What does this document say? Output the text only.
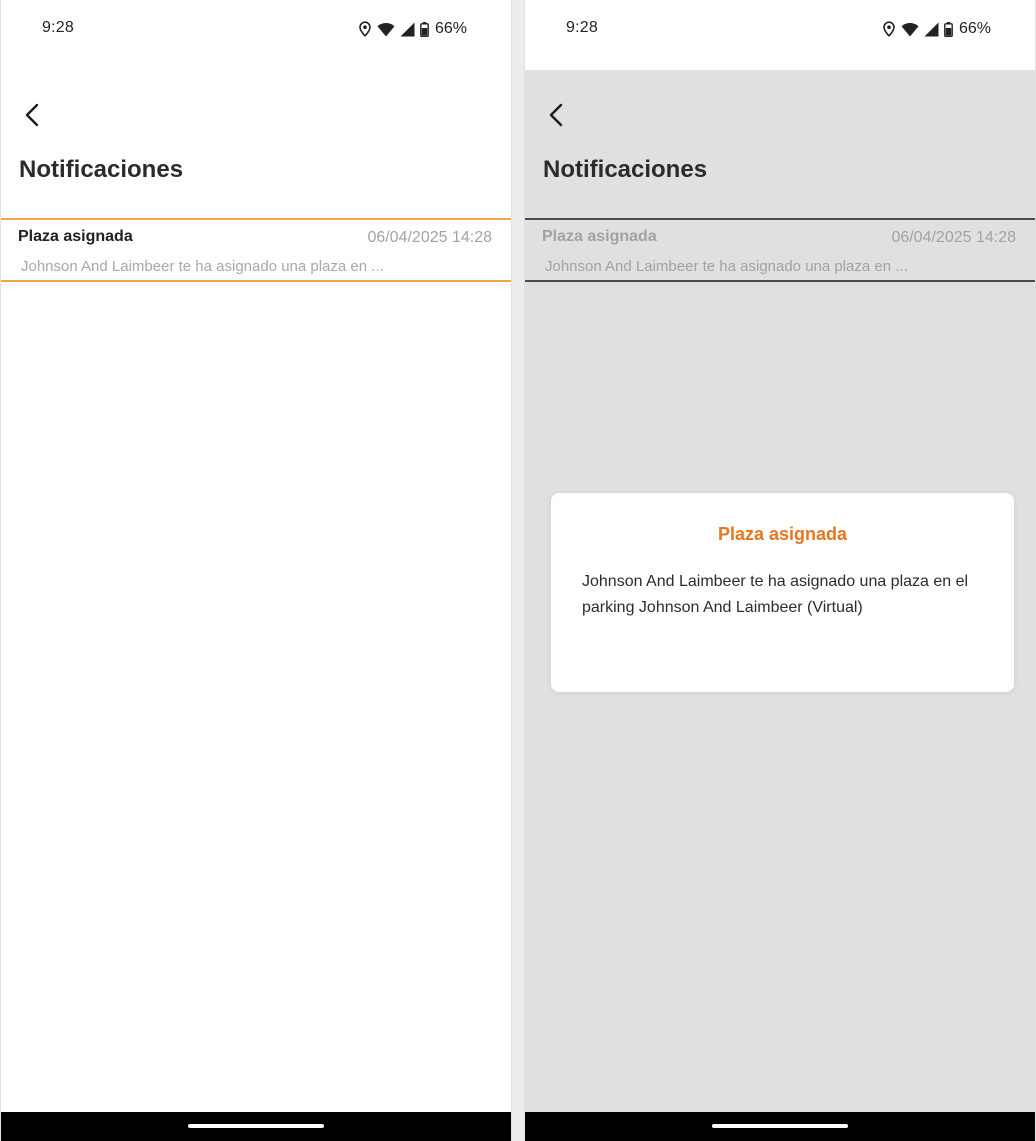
9:28	66%
Notificaciones
Plaza asignada	06/04/2025 14:28
Johnson And Laimbeer te ha asignado una plaza en ...
9:28	66%
Notificaciones
Plaza asignada	06/04/2025 14:28
Johnson And Laimbeer te ha asignado una plaza en ...
Plaza asignada
Johnson And Laimbeer te ha asignado una plaza en el parking Johnson And Laimbeer (Virtual)
